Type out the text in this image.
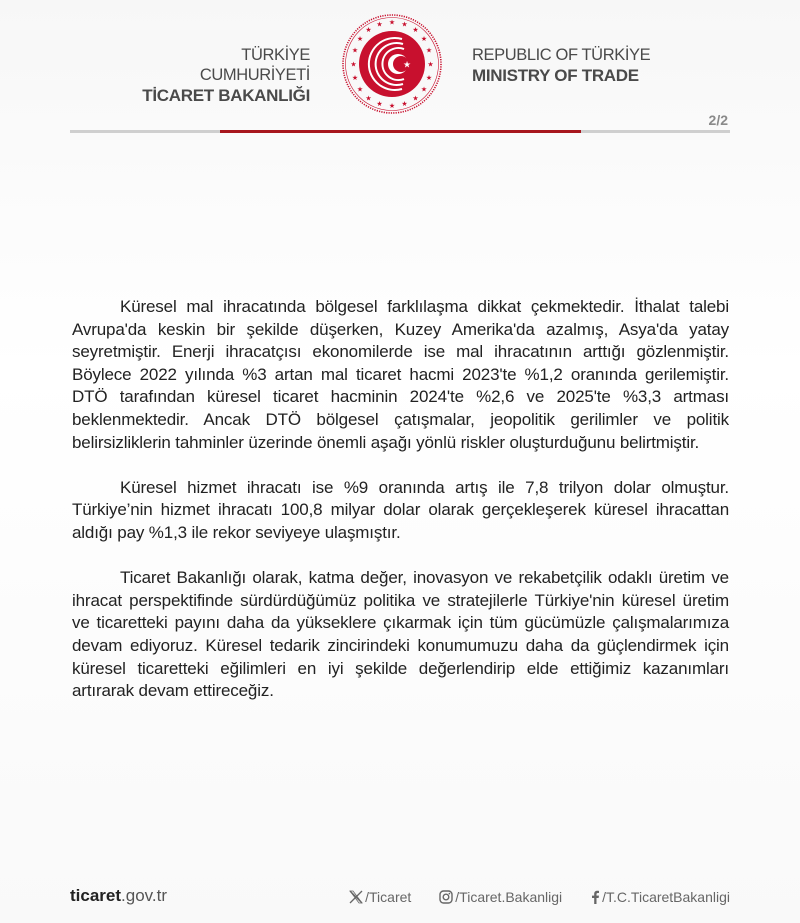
TÜRKİYE CUMHURİYETİ
TİCARET BAKANLIĞI
★ ★
★
★
★
★
★
★
★
★
★
★
★
★
★
★
★
★
★
★
★
REPUBLIC OF TÜRKİYE
MINISTRY OF TRADE
2/2

Küresel mal ihracatında bölgesel farklılaşma dikkat çekmektedir. İthalat talebi Avrupa'da keskin bir şekilde düşerken, Kuzey Amerika'da azalmış, Asya'da yatay seyretmiştir. Enerji ihracatçısı ekonomilerde ise mal ihracatının arttığı gözlenmiştir. Böylece 2022 yılında %3 artan mal ticaret hacmi 2023'te %1,2 oranında gerilemiştir. DTÖ tarafından küresel ticaret hacminin 2024'te %2,6 ve 2025'te %3,3 artması beklenmektedir. Ancak DTÖ bölgesel çatışmalar, jeopolitik gerilimler ve politik belirsizliklerin tahminler üzerinde önemli aşağı yönlü riskler oluşturduğunu belirtmiştir.

Küresel hizmet ihracatı ise %9 oranında artış ile 7,8 trilyon dolar olmuştur. Türkiye’nin hizmet ihracatı 100,8 milyar dolar olarak gerçekleşerek küresel ihracattan aldığı pay %1,3 ile rekor seviyeye ulaşmıştır.

Ticaret Bakanlığı olarak, katma değer, inovasyon ve rekabetçilik odaklı üretim ve ihracat perspektifinde sürdürdüğümüz politika ve stratejilerle Türkiye'nin küresel üretim ve ticaretteki payını daha da yükseklere çıkarmak için tüm gücümüzle çalışmalarımıza devam ediyoruz. Küresel tedarik zincirindeki konumumuzu daha da güçlendirmek için küresel ticaretteki eğilimleri en iyi şekilde değerlendirip elde ettiğimiz kazanımları artırarak devam ettireceğiz.

ticaret.gov.tr	/Ticaret	/Ticaret.Bakanligi	/T.C.TicaretBakanligi
